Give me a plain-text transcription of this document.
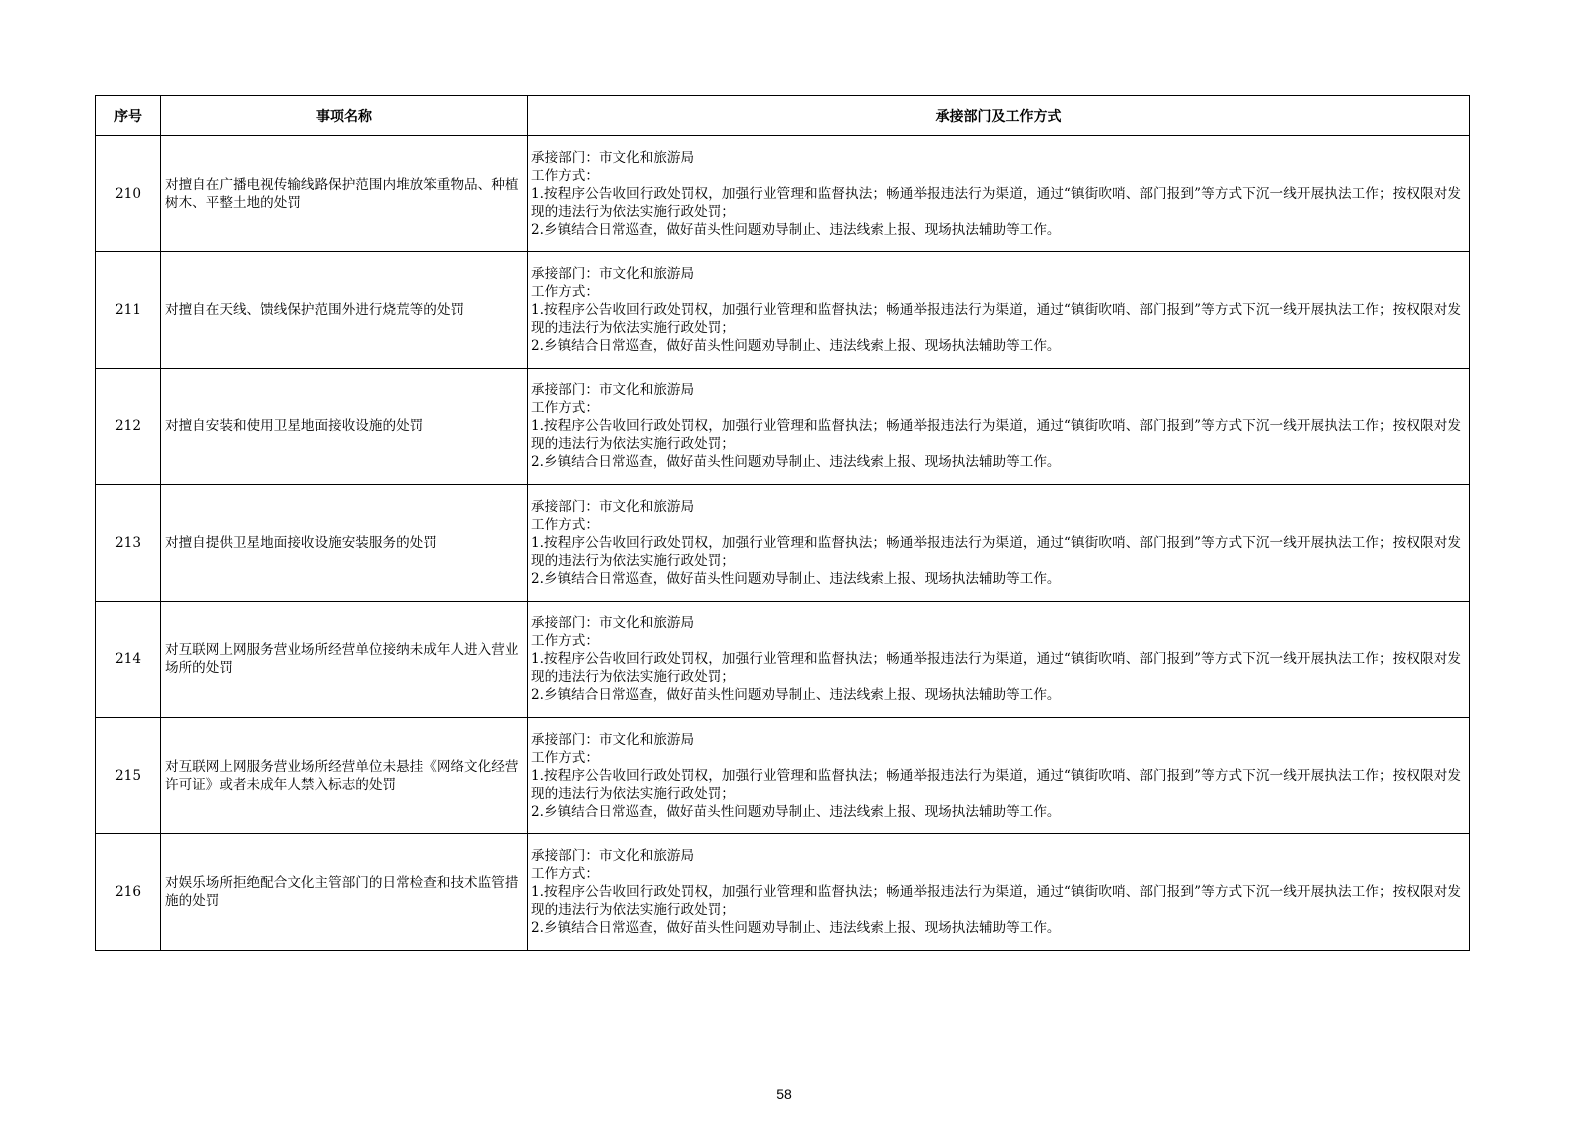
序号	事项名称	承接部门及工作方式
210	对擅自在广播电视传输线路保护范围内堆放笨重物品、种植树木、平整土地的处罚	承接部门：市文化和旅游局
工作方式：
1.按程序公告收回行政处罚权，加强行业管理和监督执法；畅通举报违法行为渠道，通过“镇街吹哨、部门报到”等方式下沉一线开展执法工作；按权限对发现的违法行为依法实施行政处罚；
2.乡镇结合日常巡查，做好苗头性问题劝导制止、违法线索上报、现场执法辅助等工作。

211	对擅自在天线、馈线保护范围外进行烧荒等的处罚	承接部门：市文化和旅游局
工作方式：
1.按程序公告收回行政处罚权，加强行业管理和监督执法；畅通举报违法行为渠道，通过“镇街吹哨、部门报到”等方式下沉一线开展执法工作；按权限对发现的违法行为依法实施行政处罚；
2.乡镇结合日常巡查，做好苗头性问题劝导制止、违法线索上报、现场执法辅助等工作。

212	对擅自安装和使用卫星地面接收设施的处罚	承接部门：市文化和旅游局
工作方式：
1.按程序公告收回行政处罚权，加强行业管理和监督执法；畅通举报违法行为渠道，通过“镇街吹哨、部门报到”等方式下沉一线开展执法工作；按权限对发现的违法行为依法实施行政处罚；
2.乡镇结合日常巡查，做好苗头性问题劝导制止、违法线索上报、现场执法辅助等工作。

213	对擅自提供卫星地面接收设施安装服务的处罚	承接部门：市文化和旅游局
工作方式：
1.按程序公告收回行政处罚权，加强行业管理和监督执法；畅通举报违法行为渠道，通过“镇街吹哨、部门报到”等方式下沉一线开展执法工作；按权限对发现的违法行为依法实施行政处罚；
2.乡镇结合日常巡查，做好苗头性问题劝导制止、违法线索上报、现场执法辅助等工作。

214	对互联网上网服务营业场所经营单位接纳未成年人进入营业场所的处罚	承接部门：市文化和旅游局
工作方式：
1.按程序公告收回行政处罚权，加强行业管理和监督执法；畅通举报违法行为渠道，通过“镇街吹哨、部门报到”等方式下沉一线开展执法工作；按权限对发现的违法行为依法实施行政处罚；
2.乡镇结合日常巡查，做好苗头性问题劝导制止、违法线索上报、现场执法辅助等工作。

215	对互联网上网服务营业场所经营单位未悬挂《网络文化经营许可证》或者未成年人禁入标志的处罚	承接部门：市文化和旅游局
工作方式：
1.按程序公告收回行政处罚权，加强行业管理和监督执法；畅通举报违法行为渠道，通过“镇街吹哨、部门报到”等方式下沉一线开展执法工作；按权限对发现的违法行为依法实施行政处罚；
2.乡镇结合日常巡查，做好苗头性问题劝导制止、违法线索上报、现场执法辅助等工作。

216	对娱乐场所拒绝配合文化主管部门的日常检查和技术监管措施的处罚	承接部门：市文化和旅游局
工作方式：
1.按程序公告收回行政处罚权，加强行业管理和监督执法；畅通举报违法行为渠道，通过“镇街吹哨、部门报到”等方式下沉一线开展执法工作；按权限对发现的违法行为依法实施行政处罚；
2.乡镇结合日常巡查，做好苗头性问题劝导制止、违法线索上报、现场执法辅助等工作。
58
